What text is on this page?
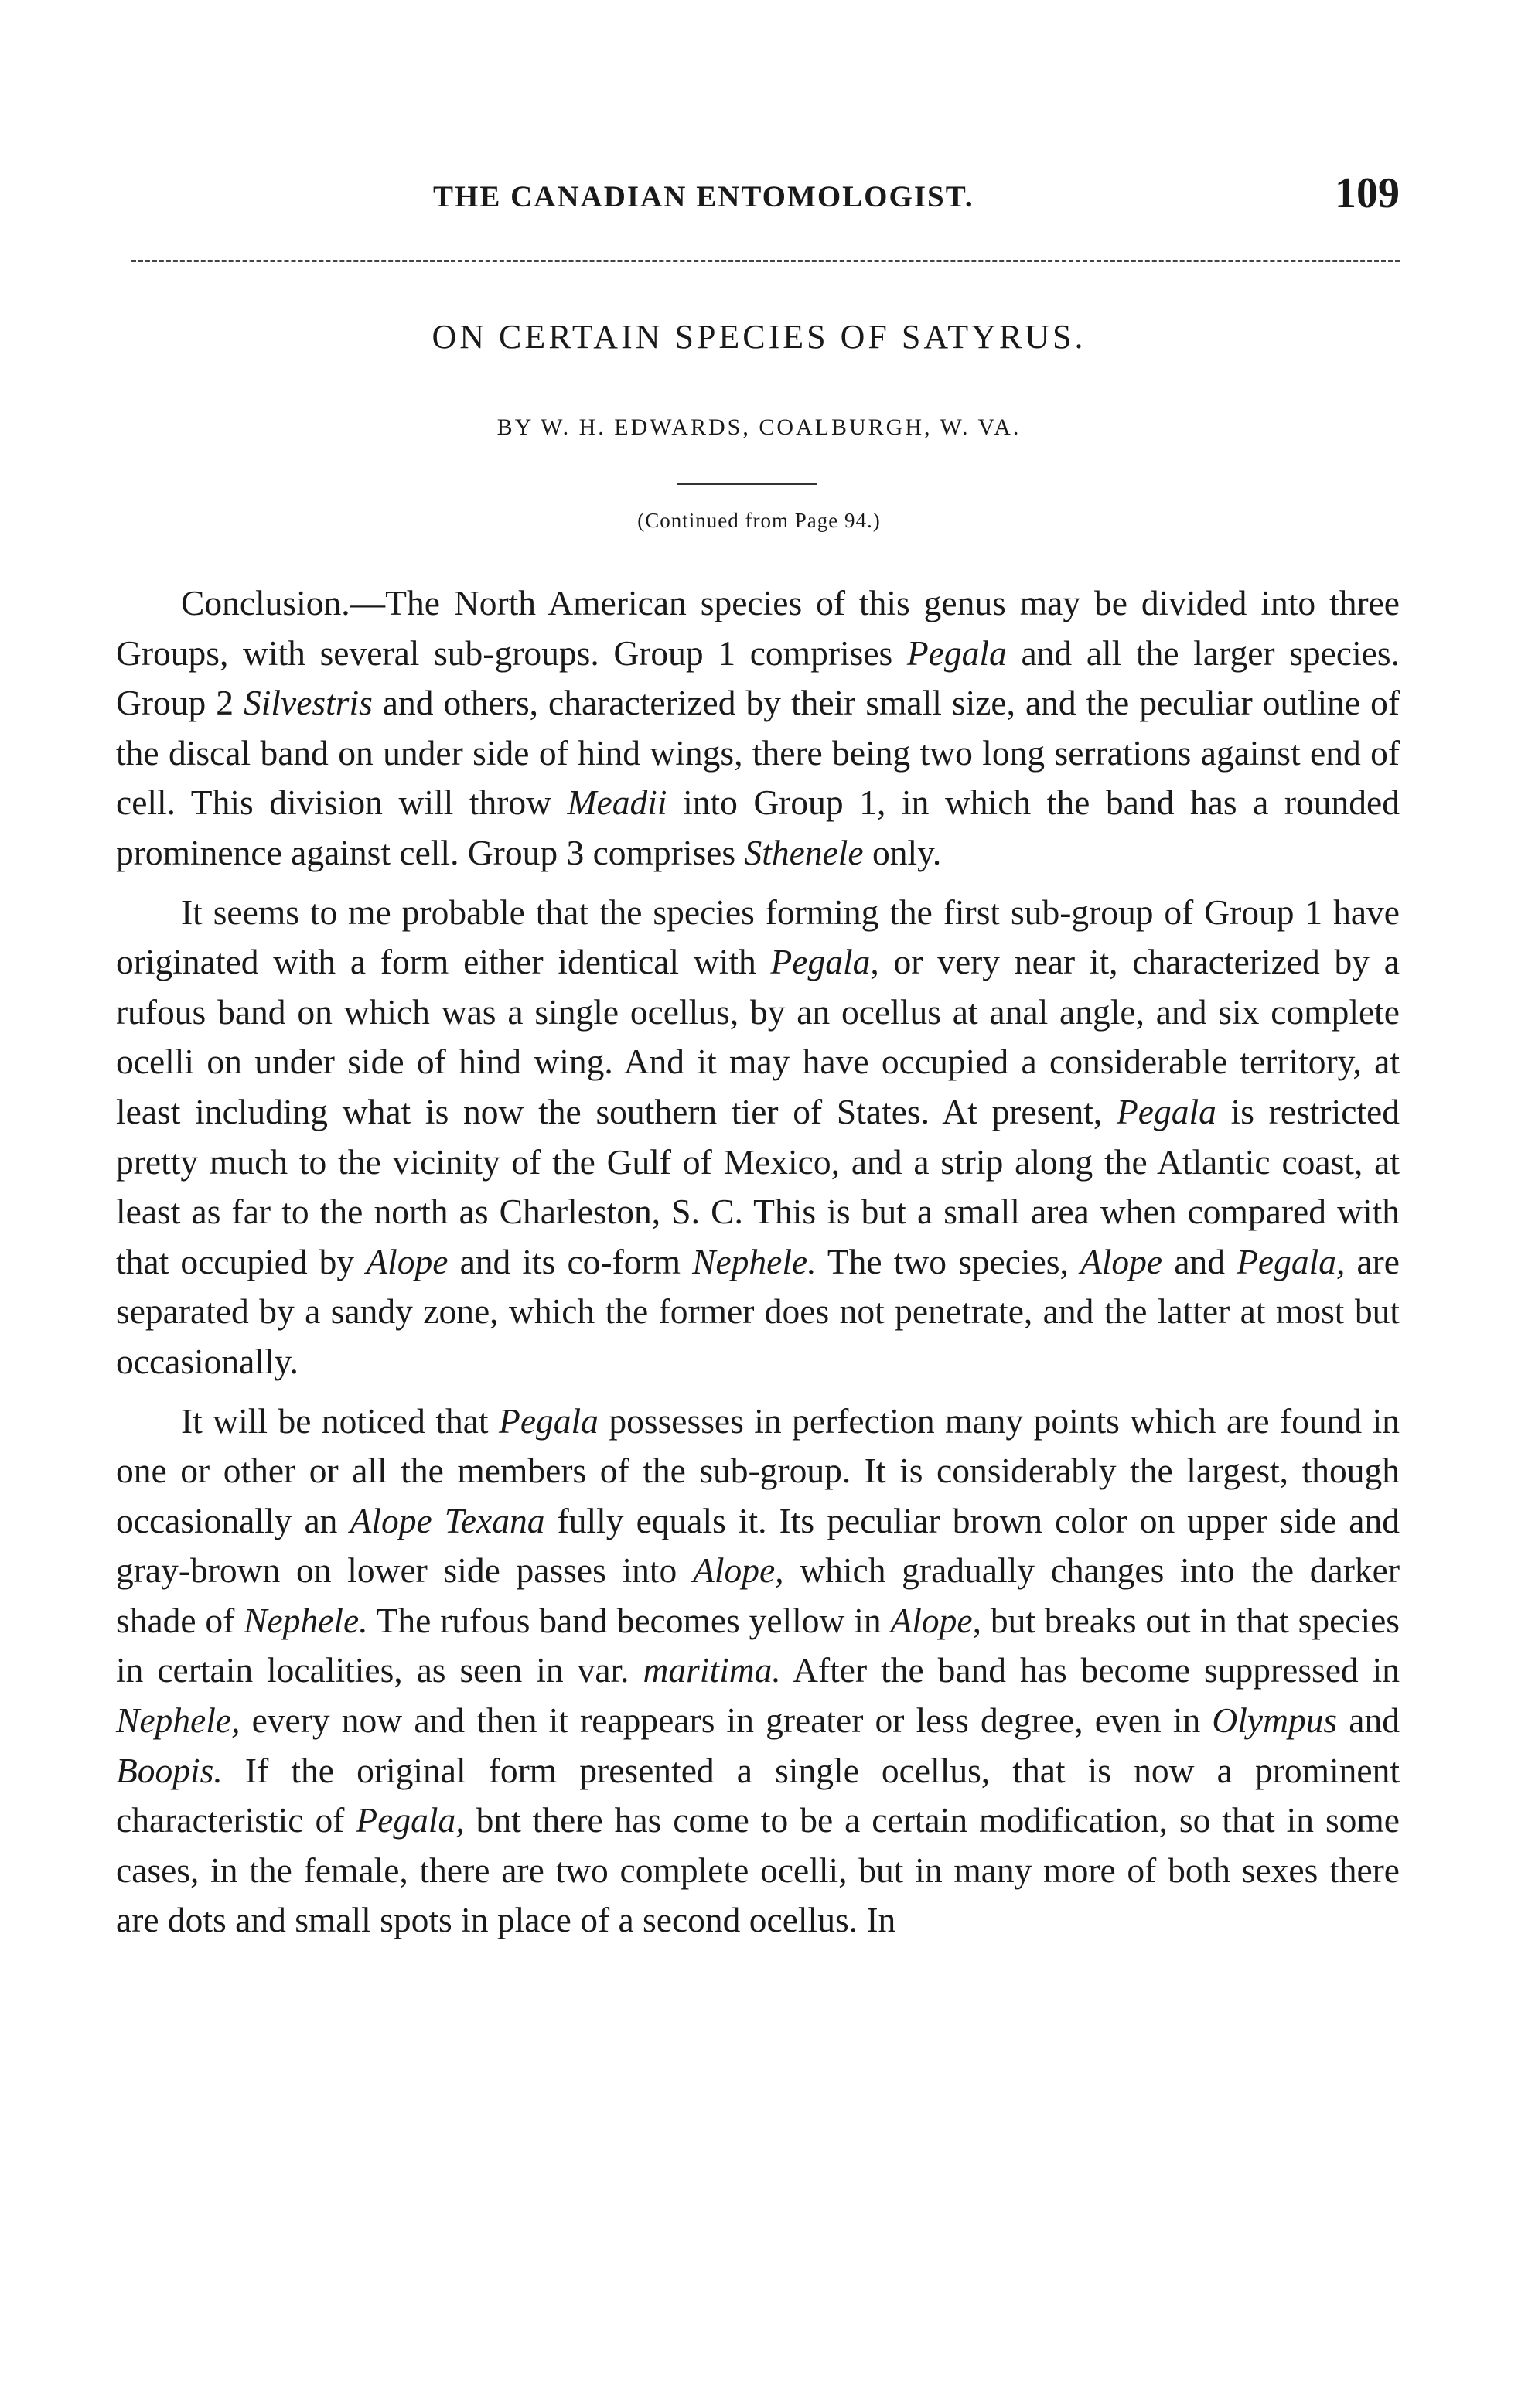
THE CANADIAN ENTOMOLOGIST.	109
ON CERTAIN SPECIES OF SATYRUS.
BY W. H. EDWARDS, COALBURGH, W. VA.
(Continued from Page 94.)

Conclusion.—The North American species of this genus may be divided into three Groups, with several sub-groups. Group 1 comprises Pegala and all the larger species. Group 2 Silvestris and others, characterized by their small size, and the peculiar outline of the discal band on under side of hind wings, there being two long serrations against end of cell. This division will throw Meadii into Group 1, in which the band has a rounded prominence against cell. Group 3 comprises Sthenele only.

It seems to me probable that the species forming the first sub-group of Group 1 have originated with a form either identical with Pegala, or very near it, characterized by a rufous band on which was a single ocellus, by an ocellus at anal angle, and six complete ocelli on under side of hind wing. And it may have occupied a considerable territory, at least including what is now the southern tier of States. At present, Pegala is restricted pretty much to the vicinity of the Gulf of Mexico, and a strip along the Atlantic coast, at least as far to the north as Charleston, S. C. This is but a small area when compared with that occupied by Alope and its co-form Nephele. The two species, Alope and Pegala, are separated by a sandy zone, which the former does not penetrate, and the latter at most but occasionally.

It will be noticed that Pegala possesses in perfection many points which are found in one or other or all the members of the sub-group. It is considerably the largest, though occasionally an Alope Texana fully equals it. Its peculiar brown color on upper side and gray-brown on lower side passes into Alope, which gradually changes into the darker shade of Nephele. The rufous band becomes yellow in Alope, but breaks out in that species in certain localities, as seen in var. maritima. After the band has become suppressed in Nephele, every now and then it reappears in greater or less degree, even in Olympus and Boopis. If the original form presented a single ocellus, that is now a prominent characteristic of Pegala, bnt there has come to be a certain modification, so that in some cases, in the female, there are two complete ocelli, but in many more of both sexes there are dots and small spots in place of a second ocellus. In
